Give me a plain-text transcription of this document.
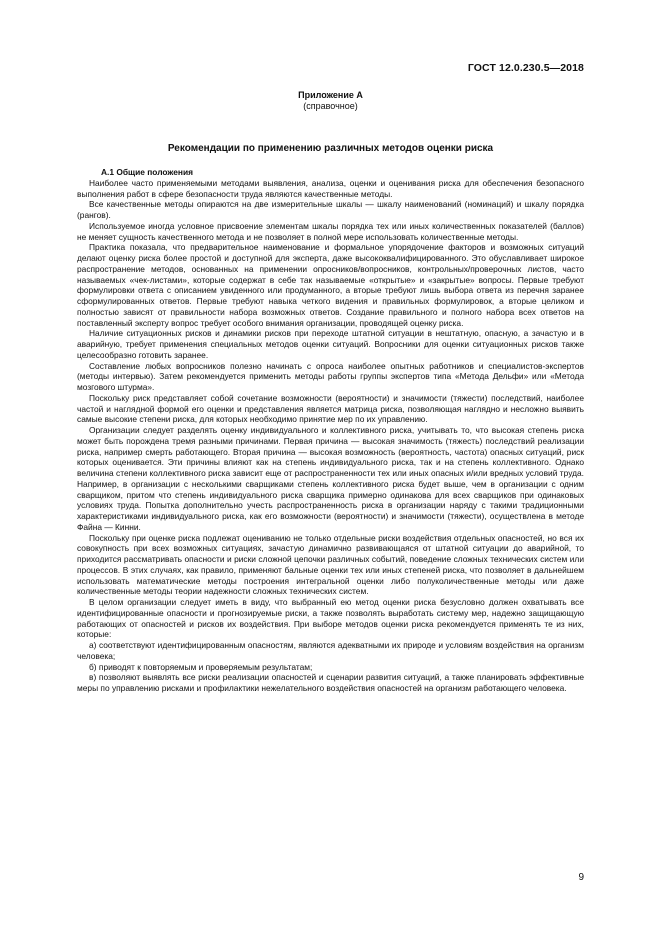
ГОСТ 12.0.230.5—2018
Приложение А
(справочное)
Рекомендации по применению различных методов оценки риска

А.1 Общие положения

Наиболее часто применяемыми методами выявления, анализа, оценки и оценивания риска для обеспечения безопасного выполнения работ в сфере безопасности труда являются качественные методы.

Все качественные методы опираются на две измерительные шкалы — шкалу наименований (номинаций) и шкалу порядка (рангов).

Используемое иногда условное присвоение элементам шкалы порядка тех или иных количественных показателей (баллов) не меняет сущность качественного метода и не позволяет в полной мере использовать количественные методы.

Практика показала, что предварительное наименование и формальное упорядочение факторов и возможных ситуаций делают оценку риска более простой и доступной для эксперта, даже высококвалифицированного. Это обуславливает широкое распространение методов, основанных на применении опросников/вопросников, контрольных/проверочных листов, часто называемых «чек-листами», которые содержат в себе так называемые «открытые» и «закрытые» вопросы. Первые требуют формулировки ответа с описанием увиденного или продуманного, а вторые требуют лишь выбора ответа из перечня заранее сформулированных ответов. Первые требуют навыка четкого видения и правильных формулировок, а вторые целиком и полностью зависят от правильности набора возможных ответов. Создание правильного и полного набора всех ответов на поставленный эксперту вопрос требует особого внимания организации, проводящей оценку риска.

Наличие ситуационных рисков и динамики рисков при переходе штатной ситуации в нештатную, опасную, а зачастую и в аварийную, требует применения специальных методов оценки ситуаций. Вопросники для оценки ситуационных рисков также целесообразно готовить заранее.

Составление любых вопросников полезно начинать с опроса наиболее опытных работников и специалистов-экспертов (методы интервью). Затем рекомендуется применить методы работы группы экспертов типа «Метода Дельфи» или «Метода мозгового штурма».

Поскольку риск представляет собой сочетание возможности (вероятности) и значимости (тяжести) последствий, наиболее частой и наглядной формой его оценки и представления является матрица риска, позволяющая наглядно и несложно выявить самые высокие степени риска, для которых необходимо принятие мер по их управлению.

Организации следует разделять оценку индивидуального и коллективного риска, учитывать то, что высокая степень риска может быть порождена тремя разными причинами. Первая причина — высокая значимость (тяжесть) последствий реализации риска, например смерть работающего. Вторая причина — высокая возможность (вероятность, частота) опасных ситуаций, риск которых оценивается. Эти причины влияют как на степень индивидуального риска, так и на степень коллективного. Однако величина степени коллективного риска зависит еще от распространенности тех или иных опасных и/или вредных условий труда. Например, в организации с несколькими сварщиками степень коллективного риска будет выше, чем в организации с одним сварщиком, притом что степень индивидуального риска сварщика примерно одинакова для всех сварщиков при одинаковых условиях труда. Попытка дополнительно учесть распространенность риска в организации наряду с такими традиционными характеристиками индивидуального риска, как его возможности (вероятности) и значимости (тяжести), осуществлена в методе Файна — Кинни.

Поскольку при оценке риска подлежат оцениванию не только отдельные риски воздействия отдельных опасностей, но вся их совокупность при всех возможных ситуациях, зачастую динамично развивающаяся от штатной ситуации до аварийной, то приходится рассматривать опасности и риски сложной цепочки различных событий, поведение сложных технических систем или процессов. В этих случаях, как правило, применяют бальные оценки тех или иных степеней риска, что позволяет в дальнейшем использовать математические методы построения интегральной оценки либо полуколичественные методы или даже количественные методы теории надежности сложных технических систем.

В целом организации следует иметь в виду, что выбранный ею метод оценки риска безусловно должен охватывать все идентифицированные опасности и прогнозируемые риски, а также позволять выработать систему мер, надежно защищающую работающих от опасностей и рисков их воздействия. При выборе методов оценки риска рекомендуется применять те из них, которые:

а) соответствуют идентифицированным опасностям, являются адекватными их природе и условиям воздействия на организм человека;

б) приводят к повторяемым и проверяемым результатам;

в) позволяют выявлять все риски реализации опасностей и сценарии развития ситуаций, а также планировать эффективные меры по управлению рисками и профилактики нежелательного воздействия опасностей на организм работающего человека.

9
